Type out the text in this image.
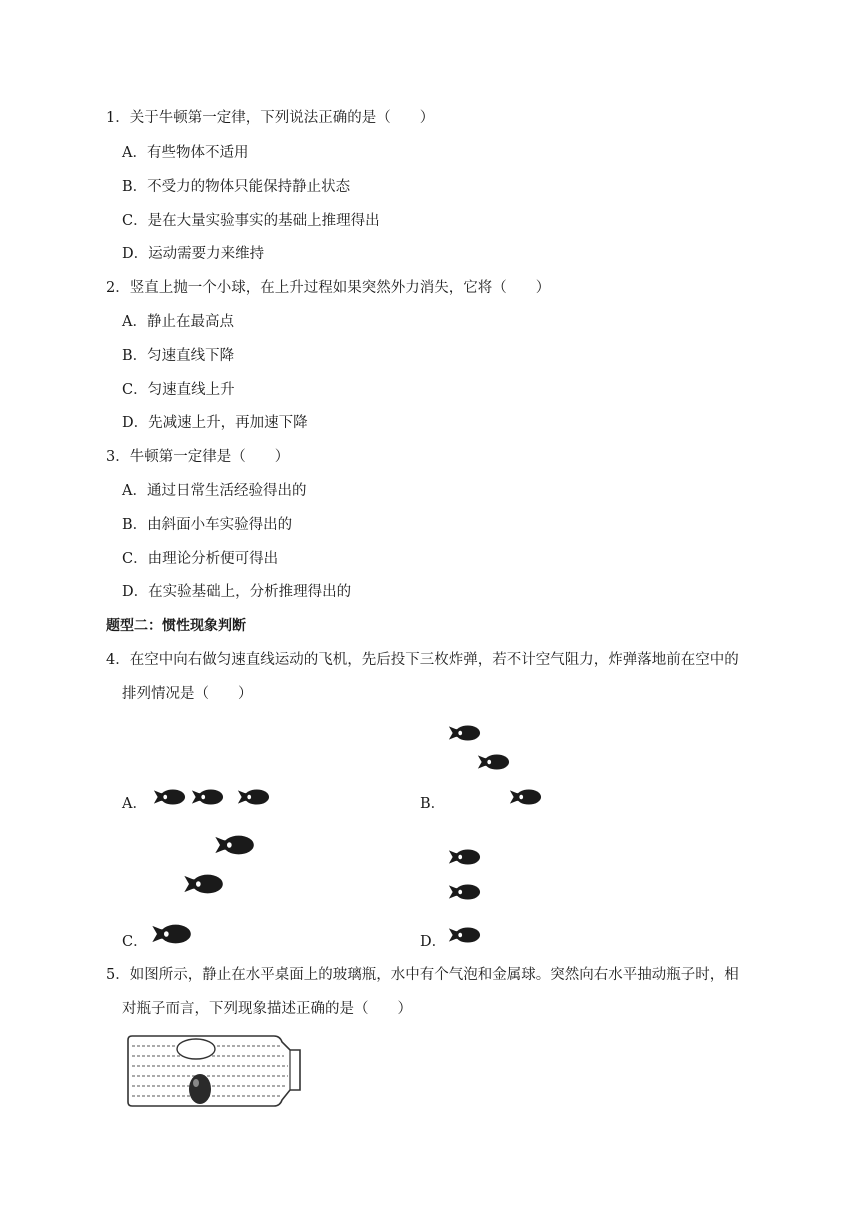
1．关于牛顿第一定律，下列说法正确的是（　　）
A．有些物体不适用
B．不受力的物体只能保持静止状态
C．是在大量实验事实的基础上推理得出
D．运动需要力来维持
2．竖直上抛一个小球，在上升过程如果突然外力消失，它将（　　）
A．静止在最高点
B．匀速直线下降
C．匀速直线上升
D．先减速上升，再加速下降
3．牛顿第一定律是（　　）
A．通过日常生活经验得出的
B．由斜面小车实验得出的
C．由理论分析便可得出
D．在实验基础上，分析推理得出的
题型二：惯性现象判断
4．在空中向右做匀速直线运动的飞机，先后投下三枚炸弹，若不计空气阻力，炸弹落地前在空中的
排列情况是（　　）
A．	B．
C．	D．
5．如图所示，静止在水平桌面上的玻璃瓶，水中有个气泡和金属球。突然向右水平抽动瓶子时，相
对瓶子而言，下列现象描述正确的是（　　）
